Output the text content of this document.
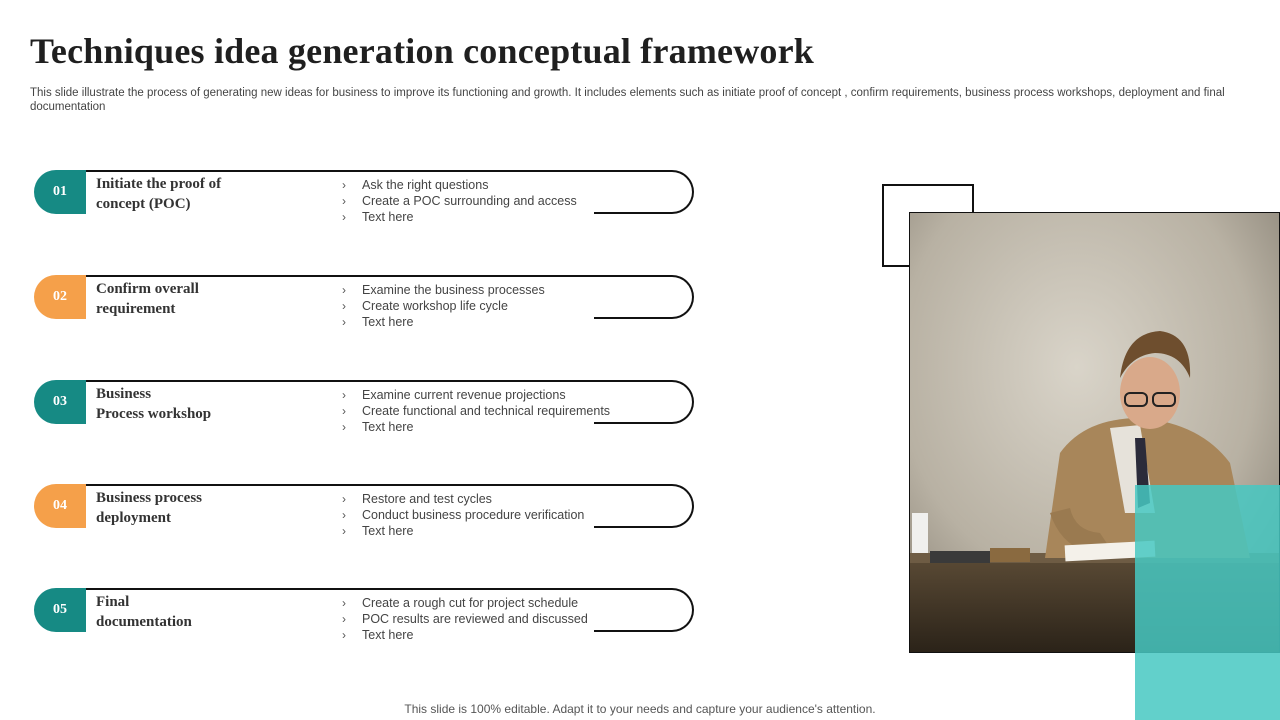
Techniques idea generation conceptual framework
This slide illustrate the process of generating new ideas for business to improve its functioning and growth. It includes elements such as initiate proof of concept , confirm requirements, business process workshops, deployment and final documentation
01	Initiate the proof of
concept (POC)
› Ask the right questions
› Create a POC surrounding and access
› Text here
02	Confirm overall
requirement
› Examine the business processes
› Create workshop life cycle
› Text here
03	Business
Process workshop
› Examine current revenue projections
› Create functional and technical requirements
› Text here
04	Business process
deployment
› Restore and test cycles
› Conduct business procedure verification
› Text here
05	Final
documentation
› Create a rough cut for project schedule
› POC results are reviewed and discussed
› Text here
This slide is 100% editable. Adapt it to your needs and capture your audience's attention.
